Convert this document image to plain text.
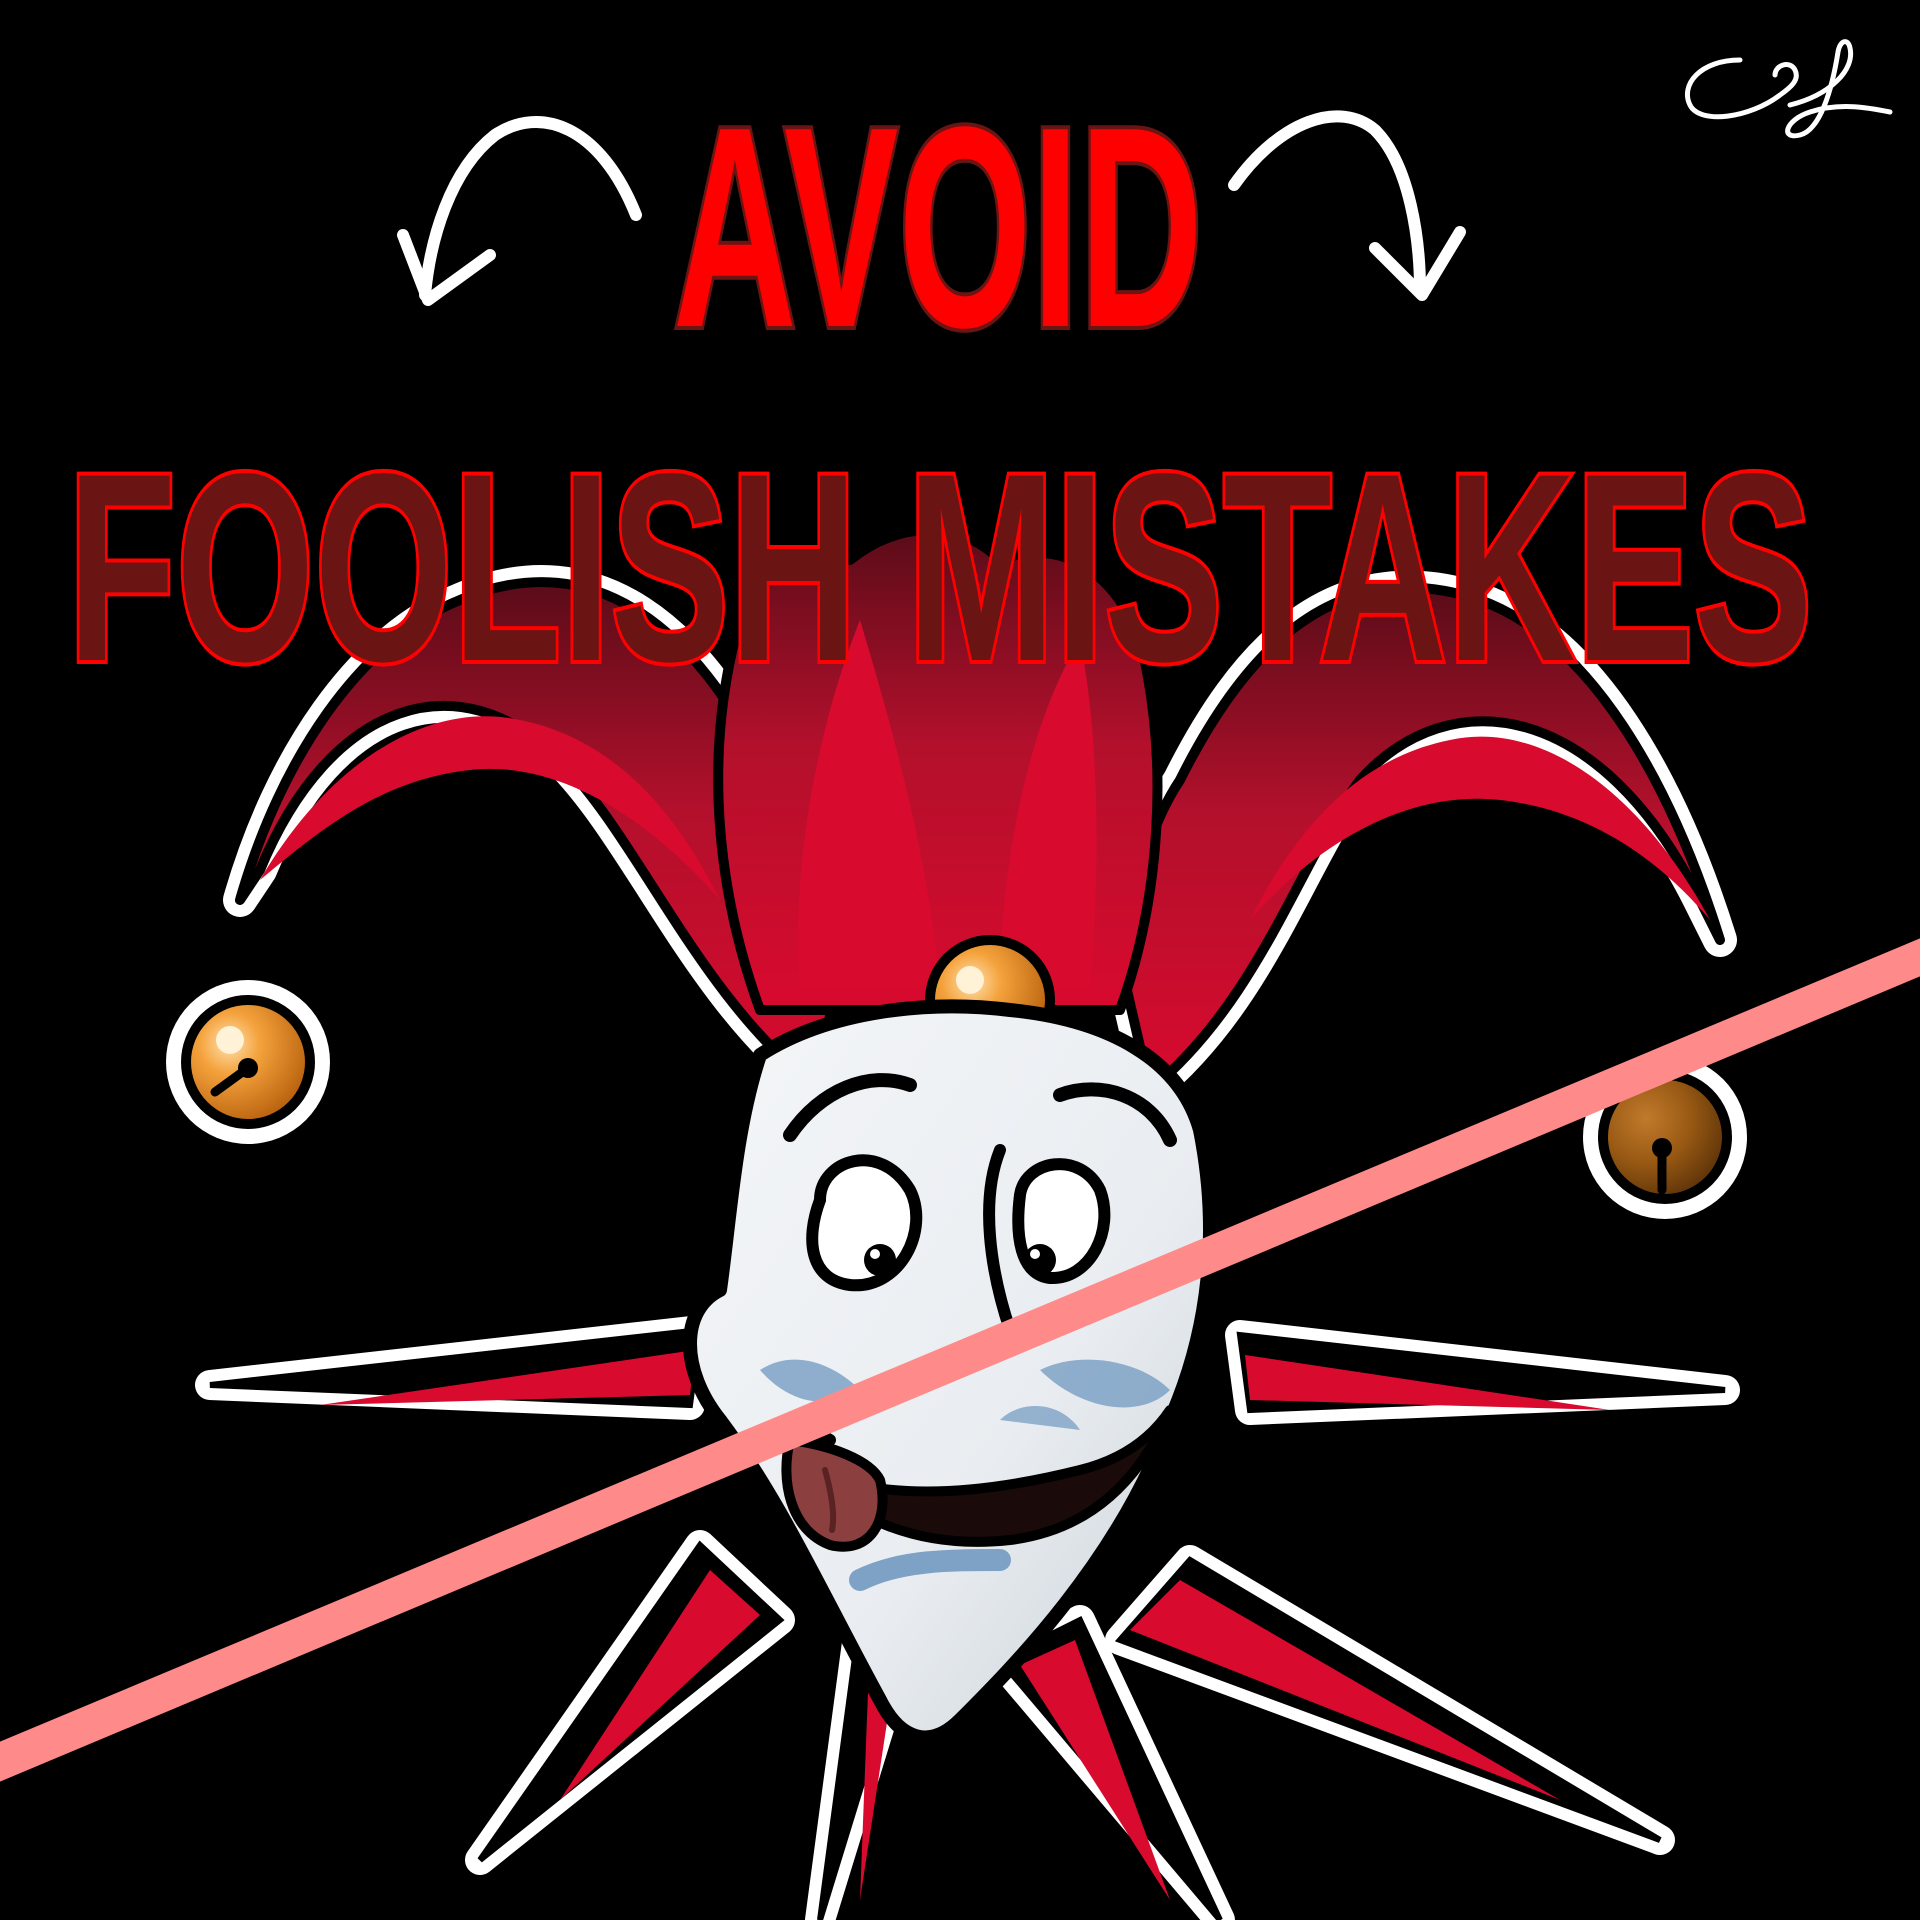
AVOID
FOOLISH MISTAKES
